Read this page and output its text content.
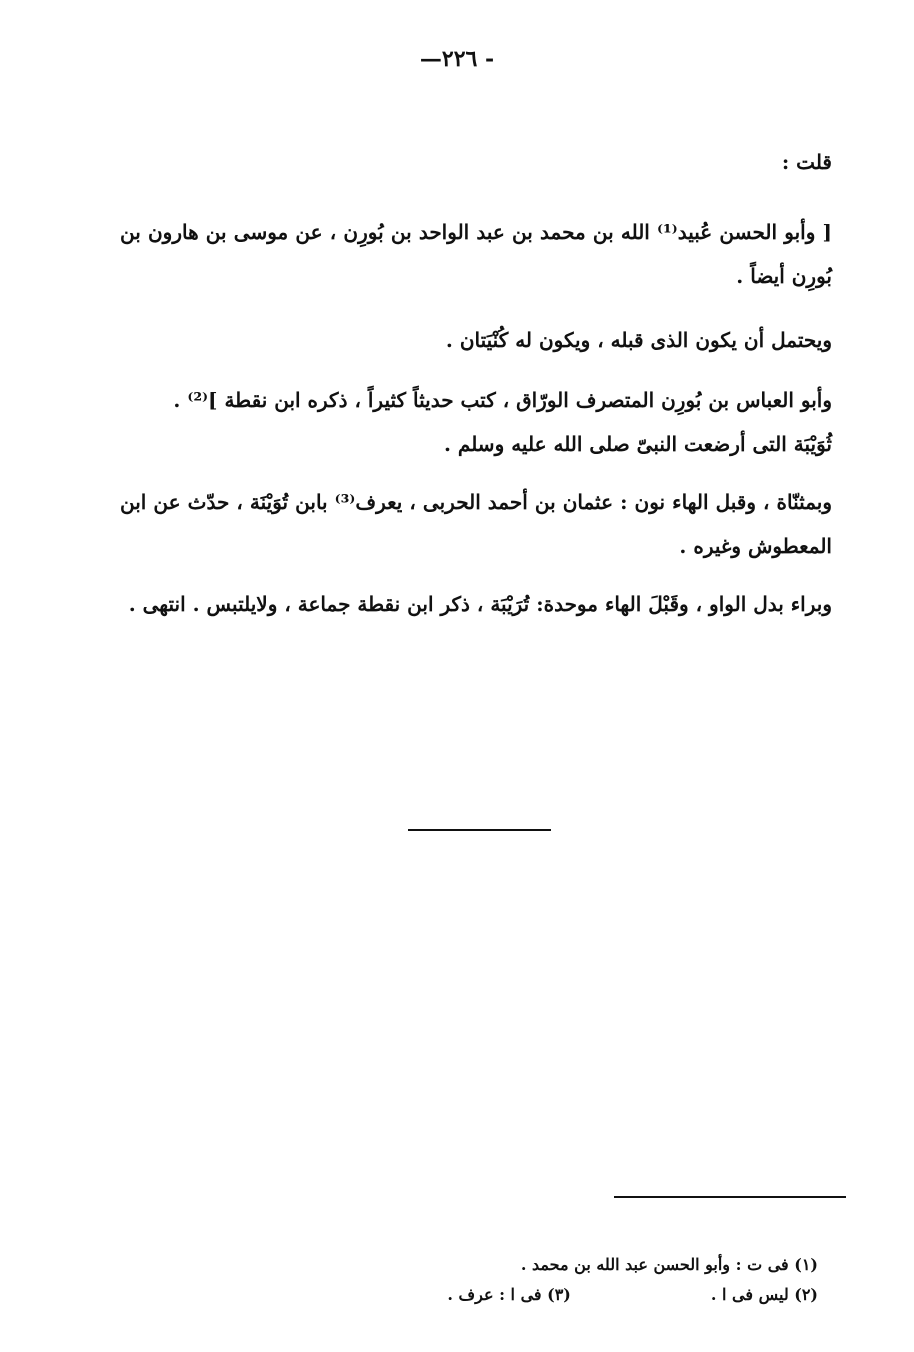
—٢٢٦ -

قلت :

[ وأبو الحسن عُبيد⁽¹⁾ الله بن محمد بن عبد الواحد بن بُورِن ، عن موسى بن هارون بن بُورِن أيضاً .

ويحتمل أن يكون الذى قبله ، ويكون له كُنْيَتان .

وأبو العباس بن بُورِن المتصرف الورّاق ، كتب حديثاً كثيراً ، ذكره ابن نقطة ]⁽²⁾ .

ثُوَيْبَة التى أرضعت النبىّ صلى الله عليه وسلم .

وبمثنّاة ، وقبل الهاء نون : عثمان بن أحمد الحربى ، يعرف⁽³⁾ بابن تُوَيْنَة ، حدّث عن ابن المعطوش وغيره .

وبراء بدل الواو ، وقَبْلَ الهاء موحدة: تُرَيْبَة ، ذكر ابن نقطة جماعة ، ولايلتبس . انتهى .

(١) فى ت : وأبو الحسن عبد الله بن محمد .
(٢) ليس فى ا .
(٣) فى ا : عرف .
